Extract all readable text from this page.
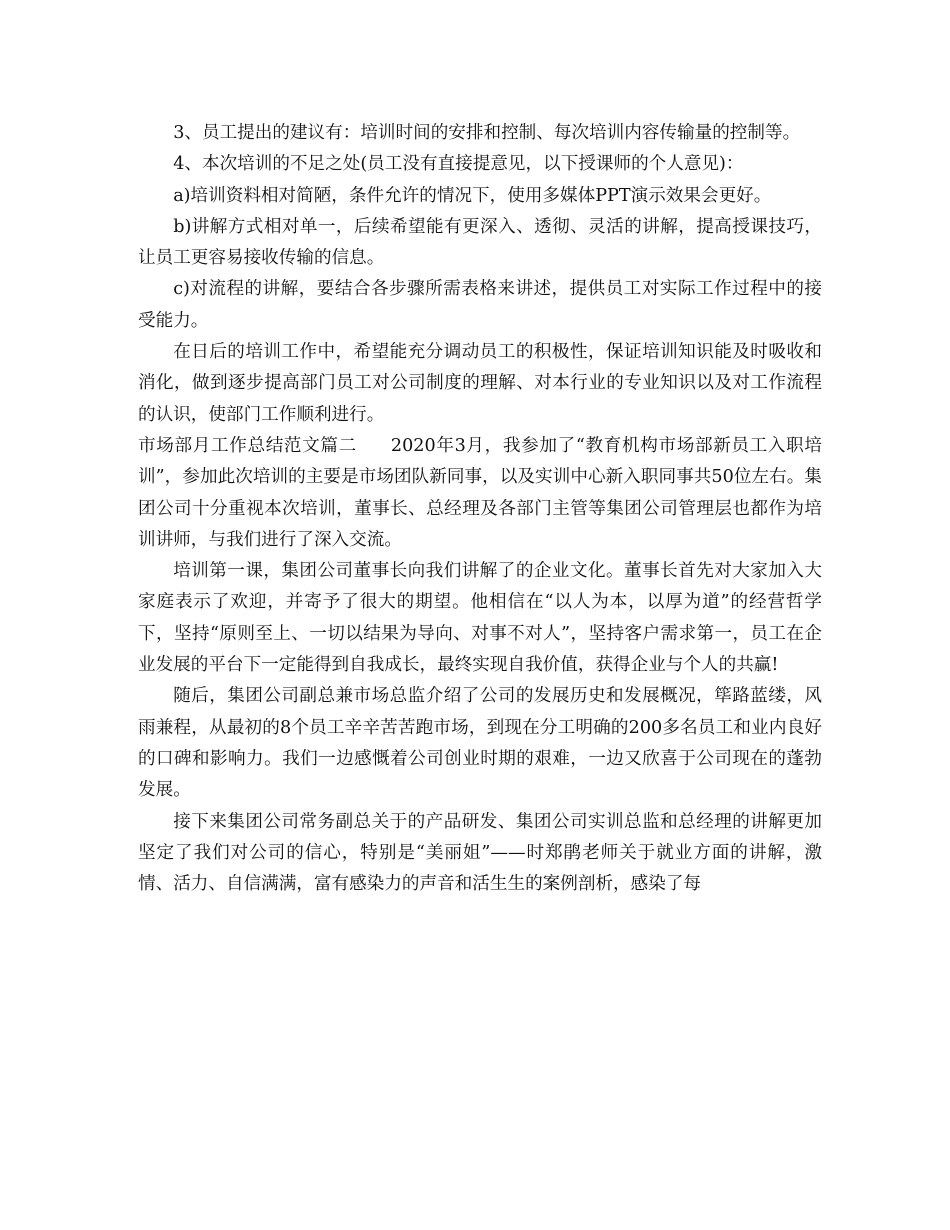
3、员工提出的建议有：培训时间的安排和控制、每次培训内容传输量的控制等。

4、本次培训的不足之处(员工没有直接提意见，以下授课师的个人意见)：

a)培训资料相对简陋，条件允许的情况下，使用多媒体PPT演示效果会更好。

b)讲解方式相对单一，后续希望能有更深入、透彻、灵活的讲解，提高授课技巧，让员工更容易接收传输的信息。

c)对流程的讲解，要结合各步骤所需表格来讲述，提供员工对实际工作过程中的接受能力。

在日后的培训工作中，希望能充分调动员工的积极性，保证培训知识能及时吸收和消化，做到逐步提高部门员工对公司制度的理解、对本行业的专业知识以及对工作流程的认识，使部门工作顺利进行。

市场部月工作总结范文篇二 2020年3月，我参加了“教育机构市场部新员工入职培训”，参加此次培训的主要是市场团队新同事，以及实训中心新入职同事共50位左右。集团公司十分重视本次培训，董事长、总经理及各部门主管等集团公司管理层也都作为培训讲师，与我们进行了深入交流。

培训第一课，集团公司董事长向我们讲解了的企业文化。董事长首先对大家加入大家庭表示了欢迎，并寄予了很大的期望。他相信在“以人为本，以厚为道”的经营哲学下，坚持“原则至上、一切以结果为导向、对事不对人”，坚持客户需求第一，员工在企业发展的平台下一定能得到自我成长，最终实现自我价值，获得企业与个人的共赢!

随后，集团公司副总兼市场总监介绍了公司的发展历史和发展概况，筚路蓝缕，风雨兼程，从最初的8个员工辛辛苦苦跑市场，到现在分工明确的200多名员工和业内良好的口碑和影响力。我们一边感慨着公司创业时期的艰难，一边又欣喜于公司现在的蓬勃发展。

接下来集团公司常务副总关于的产品研发、集团公司实训总监和总经理的讲解更加坚定了我们对公司的信心，特别是“美丽姐”——时郑鹃老师关于就业方面的讲解，激情、活力、自信满满，富有感染力的声音和活生生的案例剖析，感染了每
